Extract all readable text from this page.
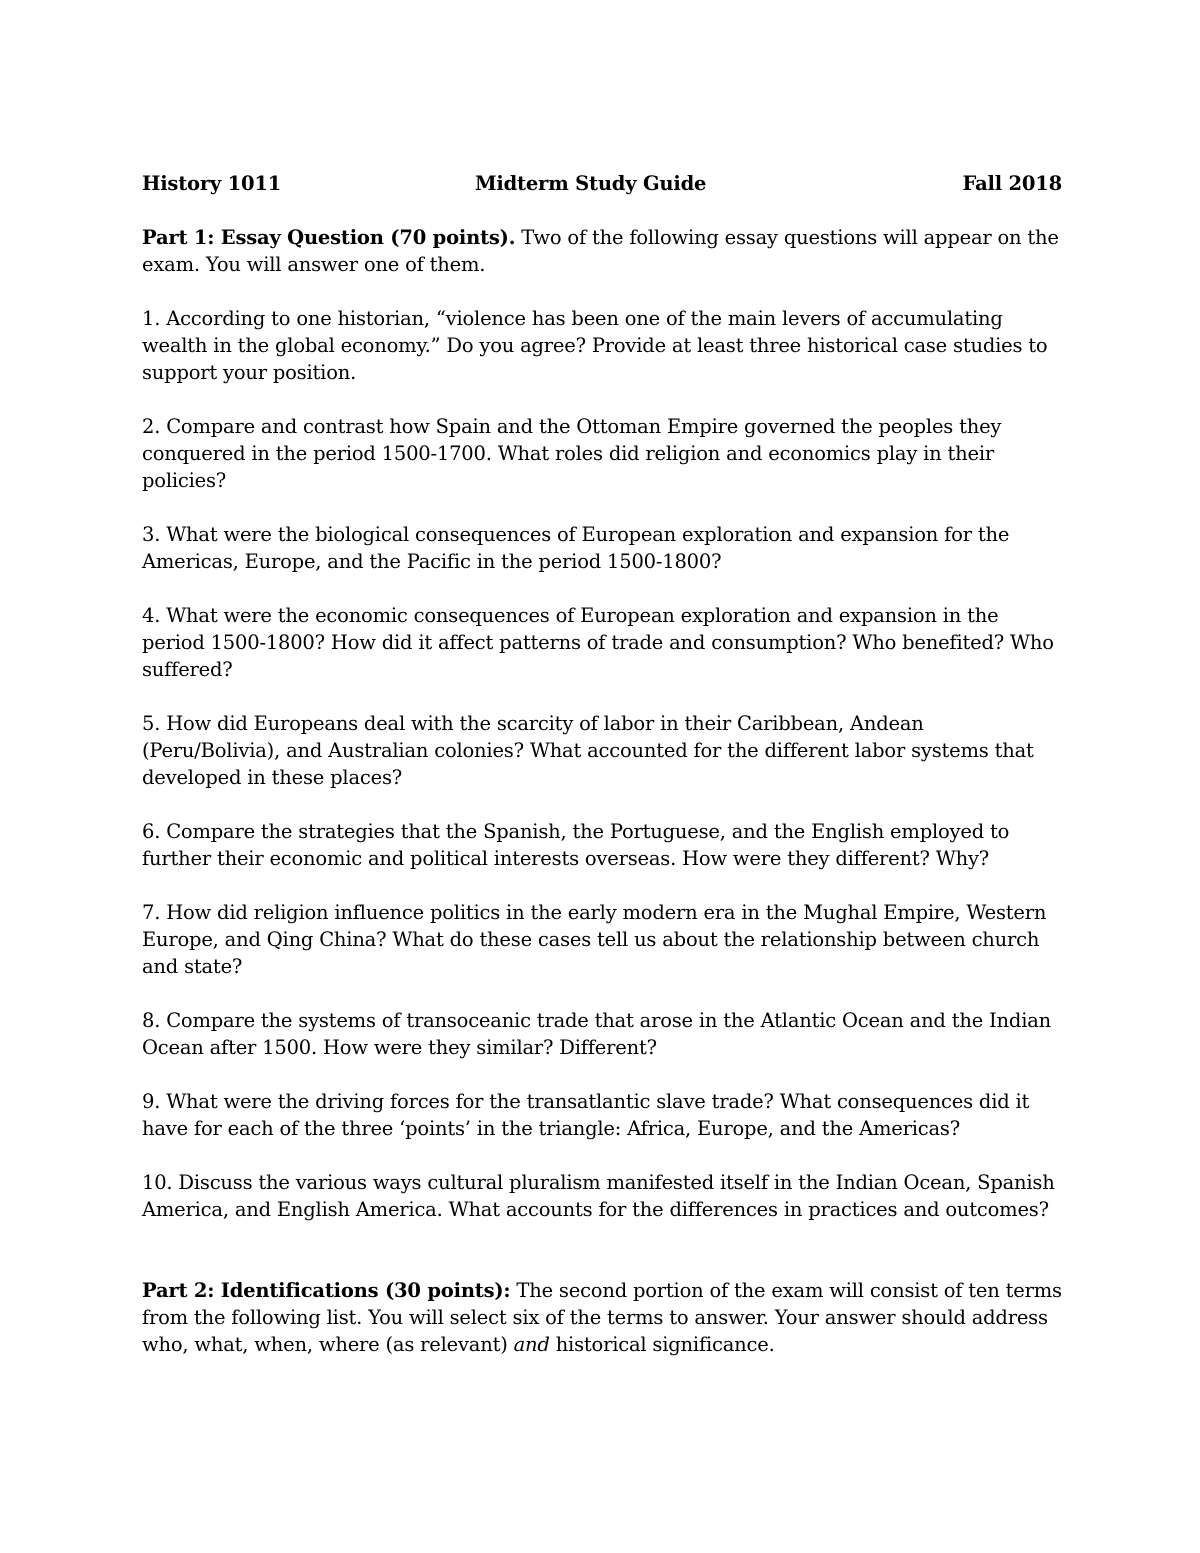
History 1011	Midterm Study Guide	Fall 2018

Part 1: Essay Question (70 points). Two of the following essay questions will appear on the exam. You will answer one of them.

1. According to one historian, “violence has been one of the main levers of accumulating wealth in the global economy.” Do you agree? Provide at least three historical case studies to support your position.

2. Compare and contrast how Spain and the Ottoman Empire governed the peoples they conquered in the period 1500-1700. What roles did religion and economics play in their policies?

3. What were the biological consequences of European exploration and expansion for the Americas, Europe, and the Pacific in the period 1500-1800?

4. What were the economic consequences of European exploration and expansion in the period 1500-1800? How did it affect patterns of trade and consumption? Who benefited? Who suffered?

5. How did Europeans deal with the scarcity of labor in their Caribbean, Andean (Peru/Bolivia), and Australian colonies? What accounted for the different labor systems that developed in these places?

6. Compare the strategies that the Spanish, the Portuguese, and the English employed to further their economic and political interests overseas. How were they different? Why?

7. How did religion influence politics in the early modern era in the Mughal Empire, Western Europe, and Qing China? What do these cases tell us about the relationship between church and state?

8. Compare the systems of transoceanic trade that arose in the Atlantic Ocean and the Indian Ocean after 1500. How were they similar? Different?

9. What were the driving forces for the transatlantic slave trade? What consequences did it have for each of the three ‘points’ in the triangle: Africa, Europe, and the Americas?

10. Discuss the various ways cultural pluralism manifested itself in the Indian Ocean, Spanish America, and English America. What accounts for the differences in practices and outcomes?

Part 2: Identifications (30 points): The second portion of the exam will consist of ten terms from the following list. You will select six of the terms to answer. Your answer should address who, what, when, where (as relevant) and historical significance.
